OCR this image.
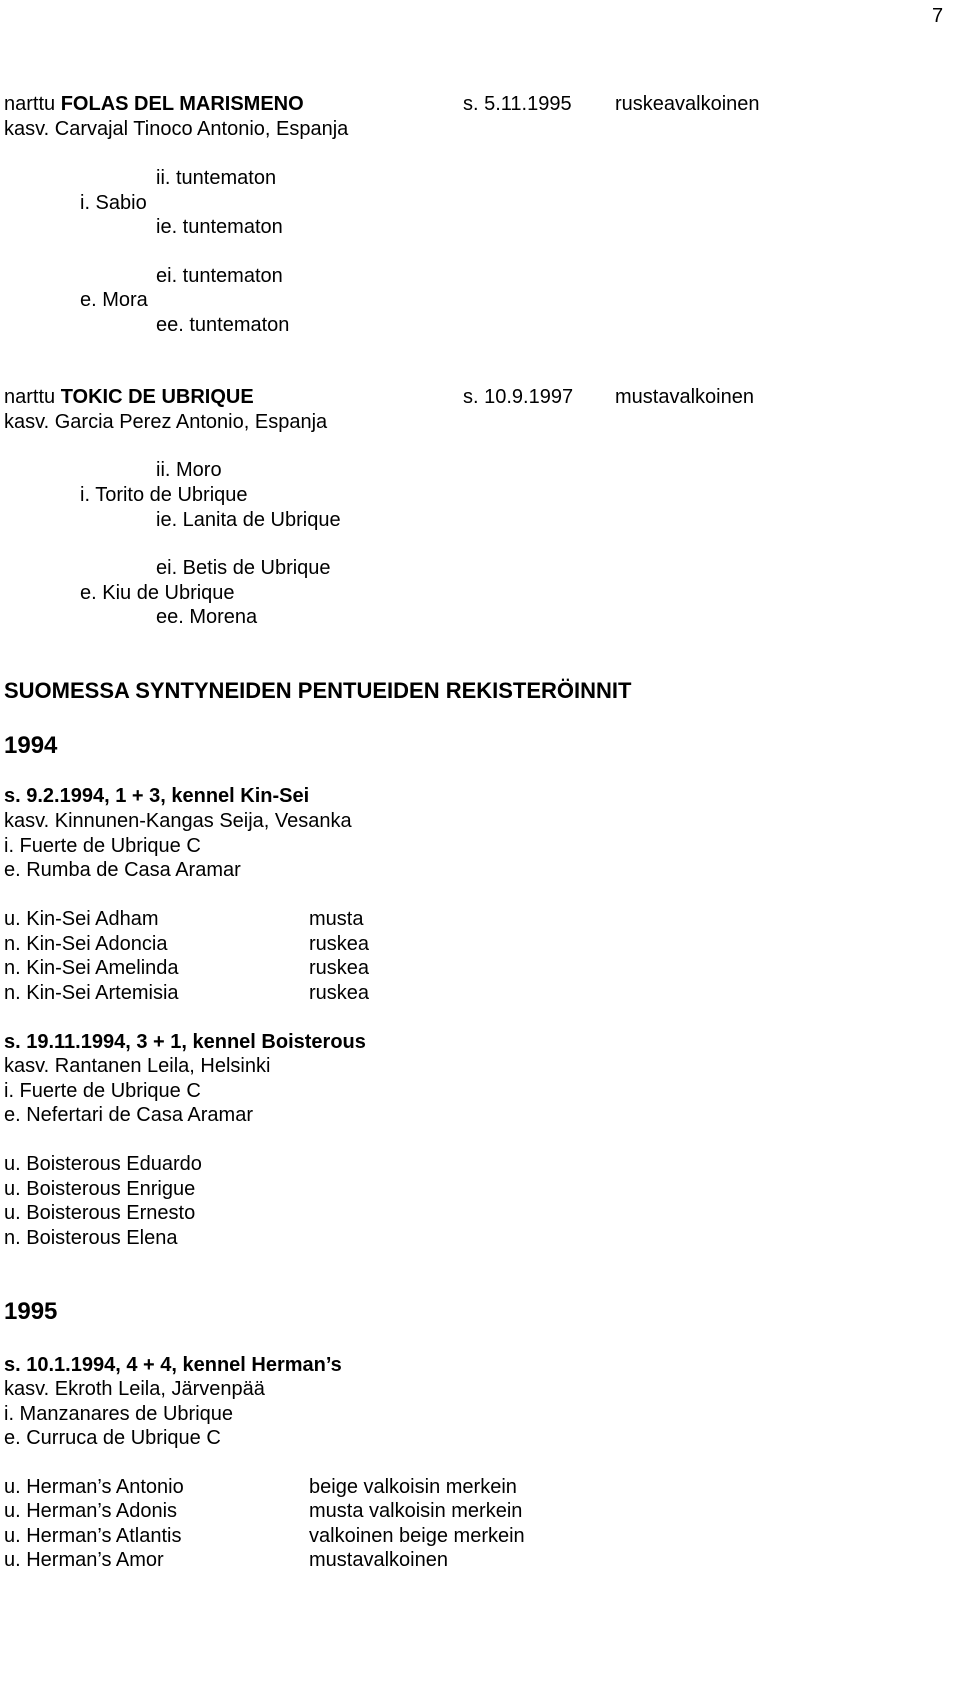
7
narttu FOLAS DEL MARISMENO	s. 5.11.1995 ruskeavalkoinen
kasv. Carvajal Tinoco Antonio, Espanja
ii. tuntematon
i. Sabio
ie. tuntematon
ei. tuntematon
e. Mora
ee. tuntematon
narttu TOKIC DE UBRIQUE	s. 10.9.1997 mustavalkoinen
kasv. Garcia Perez Antonio, Espanja
ii. Moro
i. Torito de Ubrique
ie. Lanita de Ubrique
ei. Betis de Ubrique
e. Kiu de Ubrique
ee. Morena
SUOMESSA SYNTYNEIDEN PENTUEIDEN REKISTERÖINNIT
1994
s. 9.2.1994, 1 + 3, kennel Kin-Sei
kasv. Kinnunen-Kangas Seija, Vesanka
i. Fuerte de Ubrique C
e. Rumba de Casa Aramar
u. Kin-Sei Adham	musta
n. Kin-Sei Adoncia	ruskea
n. Kin-Sei Amelinda	ruskea
n. Kin-Sei Artemisia	ruskea
s. 19.11.1994, 3 + 1, kennel Boisterous
kasv. Rantanen Leila, Helsinki
i. Fuerte de Ubrique C
e. Nefertari de Casa Aramar
u. Boisterous Eduardo
u. Boisterous Enrigue
u. Boisterous Ernesto
n. Boisterous Elena
1995
s. 10.1.1994, 4 + 4, kennel Herman’s
kasv. Ekroth Leila, Järvenpää
i. Manzanares de Ubrique
e. Curruca de Ubrique C
u. Herman’s Antonio	beige valkoisin merkein
u. Herman’s Adonis	musta valkoisin merkein
u. Herman’s Atlantis	valkoinen beige merkein
u. Herman’s Amor	mustavalkoinen
